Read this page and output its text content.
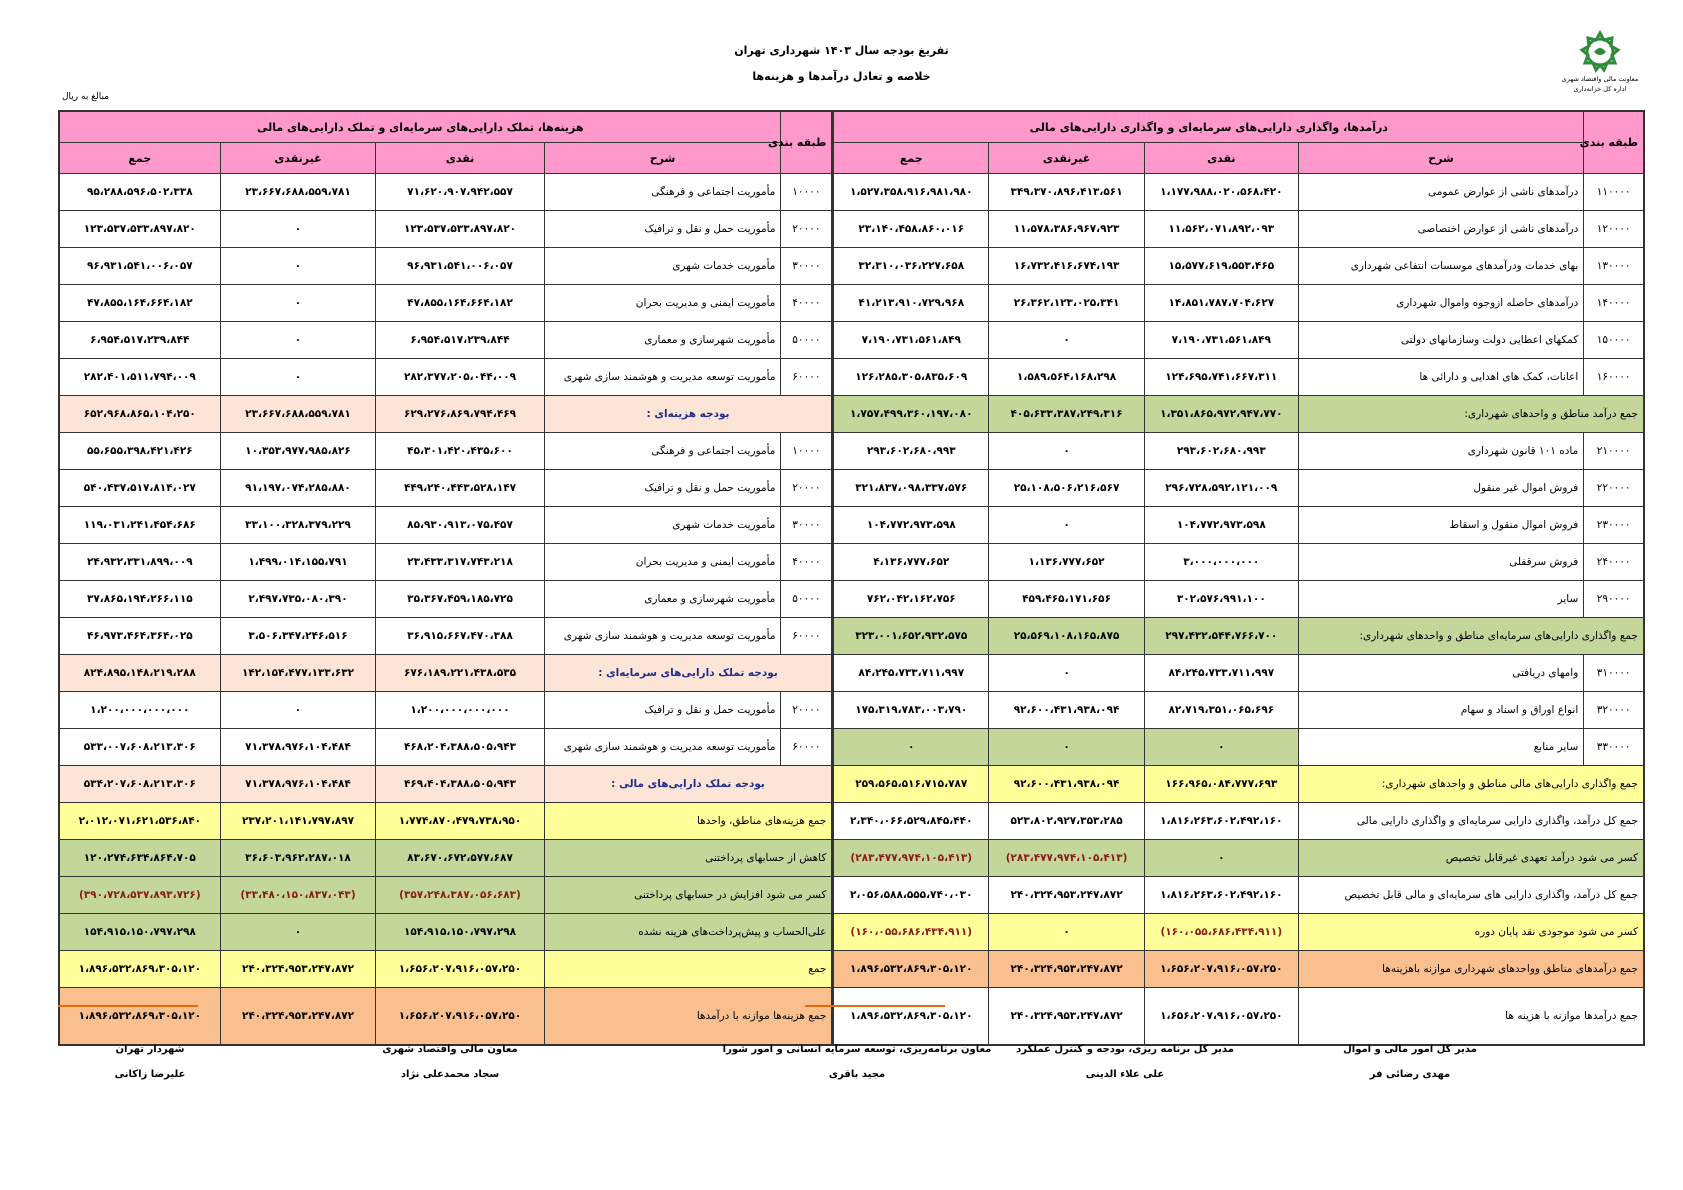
تفریغ بودجه سال ۱۴۰۳ شهرداری تهران
خلاصه و تعادل درآمدها و هزینه‌ها
مبالغ به ریال
معاونت مالی واقتصاد شهری
اداره کل خزانه‌داری
طبقه بندی	درآمدها، واگذاری دارایی‌های سرمایه‌ای و واگذاری دارایی‌های مالی				طبقه بندی	هزینه‌ها، تملک دارایی‌های سرمایه‌ای و تملک دارایی‌های مالی			
	شرح	نقدی	غیرنقدی	جمع		شرح	نقدی	غیرنقدی	جمع
۱۱۰۰۰۰	درآمدهای ناشی از عوارض عمومی	۱،۱۷۷،۹۸۸،۰۲۰،۵۶۸،۴۲۰	۳۴۹،۳۷۰،۸۹۶،۴۱۳،۵۶۱	۱،۵۲۷،۳۵۸،۹۱۶،۹۸۱،۹۸۰	۱۰۰۰۰	مأموریت اجتماعی و فرهنگی	۷۱،۶۲۰،۹۰۷،۹۴۲،۵۵۷	۲۳،۶۶۷،۶۸۸،۵۵۹،۷۸۱	۹۵،۲۸۸،۵۹۶،۵۰۲،۳۳۸
۱۲۰۰۰۰	درآمدهای ناشی از عوارض اختصاصی	۱۱،۵۶۲،۰۷۱،۸۹۲،۰۹۳	۱۱،۵۷۸،۳۸۶،۹۶۷،۹۲۳	۲۳،۱۴۰،۴۵۸،۸۶۰،۰۱۶	۲۰۰۰۰	مأموریت حمل و نقل و ترافیک	۱۲۳،۵۳۷،۵۳۳،۸۹۷،۸۲۰	۰	۱۲۳،۵۳۷،۵۳۳،۸۹۷،۸۲۰
۱۳۰۰۰۰	بهای خدمات ودرآمدهای موسسات انتفاعی شهرداری	۱۵،۵۷۷،۶۱۹،۵۵۳،۴۶۵	۱۶،۷۳۲،۴۱۶،۶۷۴،۱۹۳	۳۲،۳۱۰،۰۳۶،۲۲۷،۶۵۸	۳۰۰۰۰	مأموریت خدمات شهری	۹۶،۹۳۱،۵۴۱،۰۰۶،۰۵۷	۰	۹۶،۹۳۱،۵۴۱،۰۰۶،۰۵۷
۱۴۰۰۰۰	درآمدهای حاصله ازوجوه واموال شهرداری	۱۴،۸۵۱،۷۸۷،۷۰۴،۶۲۷	۲۶،۳۶۲،۱۲۳،۰۲۵،۳۴۱	۴۱،۲۱۳،۹۱۰،۷۲۹،۹۶۸	۴۰۰۰۰	مأموریت ایمنی و مدیریت بحران	۴۷،۸۵۵،۱۶۴،۶۶۴،۱۸۲	۰	۴۷،۸۵۵،۱۶۴،۶۶۴،۱۸۲
۱۵۰۰۰۰	کمکهای اعطایی دولت وسازمانهای دولتی	۷،۱۹۰،۷۳۱،۵۶۱،۸۴۹	۰	۷،۱۹۰،۷۳۱،۵۶۱،۸۴۹	۵۰۰۰۰	مأموریت شهرسازی و معماری	۶،۹۵۴،۵۱۷،۲۳۹،۸۴۴	۰	۶،۹۵۴،۵۱۷،۲۳۹،۸۴۴
۱۶۰۰۰۰	اعانات، کمک های اهدایی و دارائی ها	۱۲۴،۶۹۵،۷۴۱،۶۶۷،۳۱۱	۱،۵۸۹،۵۶۴،۱۶۸،۲۹۸	۱۲۶،۲۸۵،۳۰۵،۸۳۵،۶۰۹	۶۰۰۰۰	مأموریت توسعه مدیریت و هوشمند سازی شهری	۲۸۲،۳۷۷،۲۰۵،۰۴۴،۰۰۹	۰	۲۸۲،۴۰۱،۵۱۱،۷۹۴،۰۰۹
جمع درآمد مناطق و واحدهای شهرداری:		۱،۳۵۱،۸۶۵،۹۷۲،۹۴۷،۷۷۰	۴۰۵،۶۳۳،۳۸۷،۲۴۹،۳۱۶	۱،۷۵۷،۴۹۹،۳۶۰،۱۹۷،۰۸۰	بودجه هزینه‌ای :		۶۲۹،۲۷۶،۸۶۹،۷۹۴،۴۶۹	۲۳،۶۶۷،۶۸۸،۵۵۹،۷۸۱	۶۵۲،۹۶۸،۸۶۵،۱۰۴،۲۵۰
۲۱۰۰۰۰	ماده ۱۰۱ قانون شهرداری	۲۹۳،۶۰۲،۶۸۰،۹۹۳	۰	۲۹۳،۶۰۲،۶۸۰،۹۹۳	۱۰۰۰۰	مأموریت اجتماعی و فرهنگی	۴۵،۳۰۱،۴۲۰،۴۳۵،۶۰۰	۱۰،۳۵۳،۹۷۷،۹۸۵،۸۲۶	۵۵،۶۵۵،۳۹۸،۴۲۱،۴۲۶
۲۲۰۰۰۰	فروش اموال غیر منقول	۲۹۶،۷۲۸،۵۹۲،۱۲۱،۰۰۹	۲۵،۱۰۸،۵۰۶،۲۱۶،۵۶۷	۳۲۱،۸۳۷،۰۹۸،۳۳۷،۵۷۶	۲۰۰۰۰	مأموریت حمل و نقل و ترافیک	۴۴۹،۲۴۰،۴۴۳،۵۲۸،۱۴۷	۹۱،۱۹۷،۰۷۴،۲۸۵،۸۸۰	۵۴۰،۴۳۷،۵۱۷،۸۱۴،۰۲۷
۲۳۰۰۰۰	فروش اموال منقول و اسقاط	۱۰۴،۷۷۲،۹۷۳،۵۹۸	۰	۱۰۴،۷۷۲،۹۷۳،۵۹۸	۳۰۰۰۰	مأموریت خدمات شهری	۸۵،۹۳۰،۹۱۳،۰۷۵،۴۵۷	۳۳،۱۰۰،۳۲۸،۳۷۹،۲۲۹	۱۱۹،۰۳۱،۲۴۱،۴۵۴،۶۸۶
۲۴۰۰۰۰	فروش سرقفلی	۳،۰۰۰،۰۰۰،۰۰۰	۱،۱۳۶،۷۷۷،۶۵۲	۴،۱۳۶،۷۷۷،۶۵۲	۴۰۰۰۰	مأموریت ایمنی و مدیریت بحران	۲۳،۴۳۳،۳۱۷،۷۴۳،۲۱۸	۱،۴۹۹،۰۱۴،۱۵۵،۷۹۱	۲۴،۹۳۲،۳۳۱،۸۹۹،۰۰۹
۲۹۰۰۰۰	سایر	۳۰۲،۵۷۶،۹۹۱،۱۰۰	۴۵۹،۴۶۵،۱۷۱،۶۵۶	۷۶۲،۰۴۲،۱۶۲،۷۵۶	۵۰۰۰۰	مأموریت شهرسازی و معماری	۳۵،۳۶۷،۴۵۹،۱۸۵،۷۲۵	۲،۴۹۷،۷۳۵،۰۸۰،۳۹۰	۳۷،۸۶۵،۱۹۴،۲۶۶،۱۱۵
جمع واگذاری دارایی‌های سرمایه‌ای مناطق و واحدهای شهرداری:		۲۹۷،۴۳۲،۵۴۴،۷۶۶،۷۰۰	۲۵،۵۶۹،۱۰۸،۱۶۵،۸۷۵	۳۲۳،۰۰۱،۶۵۲،۹۳۲،۵۷۵	۶۰۰۰۰	مأموریت توسعه مدیریت و هوشمند سازی شهری	۳۶،۹۱۵،۶۶۷،۴۷۰،۳۸۸	۳،۵۰۶،۳۴۷،۲۴۶،۵۱۶	۴۶،۹۷۳،۴۶۴،۳۶۴،۰۲۵
۳۱۰۰۰۰	وامهای دریافتی	۸۴،۲۴۵،۷۳۳،۷۱۱،۹۹۷	۰	۸۴،۲۴۵،۷۳۳،۷۱۱،۹۹۷	بودجه تملک دارایی‌های سرمایه‌ای :		۶۷۶،۱۸۹،۲۲۱،۴۳۸،۵۳۵	۱۴۲،۱۵۴،۴۷۷،۱۳۳،۶۳۲	۸۲۴،۸۹۵،۱۴۸،۲۱۹،۲۸۸
۳۲۰۰۰۰	انواع اوراق و اسناد و سهام	۸۲،۷۱۹،۳۵۱،۰۶۵،۶۹۶	۹۲،۶۰۰،۴۳۱،۹۳۸،۰۹۴	۱۷۵،۳۱۹،۷۸۳،۰۰۳،۷۹۰	۲۰۰۰۰	مأموریت حمل و نقل و ترافیک	۱،۲۰۰،۰۰۰،۰۰۰،۰۰۰	۰	۱،۲۰۰،۰۰۰،۰۰۰،۰۰۰
۳۳۰۰۰۰	سایر منابع	۰	۰	۰	۶۰۰۰۰	مأموریت توسعه مدیریت و هوشمند سازی شهری	۴۶۸،۲۰۴،۳۸۸،۵۰۵،۹۴۳	۷۱،۳۷۸،۹۷۶،۱۰۴،۴۸۴	۵۳۳،۰۰۷،۶۰۸،۲۱۳،۳۰۶
جمع واگذاری دارایی‌های مالی مناطق و واحدهای شهرداری:		۱۶۶،۹۶۵،۰۸۴،۷۷۷،۶۹۳	۹۲،۶۰۰،۴۳۱،۹۳۸،۰۹۴	۲۵۹،۵۶۵،۵۱۶،۷۱۵،۷۸۷	بودجه تملک دارایی‌های مالی :		۴۶۹،۴۰۴،۳۸۸،۵۰۵،۹۴۳	۷۱،۳۷۸،۹۷۶،۱۰۴،۴۸۴	۵۳۴،۲۰۷،۶۰۸،۲۱۳،۳۰۶
جمع کل درآمد، واگذاری دارایی سرمایه‌ای و واگذاری دارایی مالی		۱،۸۱۶،۲۶۳،۶۰۲،۴۹۲،۱۶۰	۵۲۳،۸۰۲،۹۲۷،۳۵۳،۲۸۵	۲،۳۴۰،۰۶۶،۵۲۹،۸۴۵،۴۴۰	جمع هزینه‌های مناطق، واحدها		۱،۷۷۴،۸۷۰،۴۷۹،۷۳۸،۹۵۰	۲۳۷،۲۰۱،۱۴۱،۷۹۷،۸۹۷	۲،۰۱۲،۰۷۱،۶۲۱،۵۳۶،۸۴۰
کسر می شود درآمد تعهدی غیرقابل تخصیص		۰	(۲۸۳،۴۷۷،۹۷۴،۱۰۵،۴۱۳)	(۲۸۳،۴۷۷،۹۷۴،۱۰۵،۴۱۳)	کاهش از حسابهای پرداختنی		۸۳،۶۷۰،۶۷۲،۵۷۷،۶۸۷	۳۶،۶۰۳،۹۶۲،۲۸۷،۰۱۸	۱۲۰،۲۷۴،۶۳۴،۸۶۴،۷۰۵
جمع کل درآمد، واگذاری دارایی های سرمایه‌ای و مالی قابل تخصیص		۱،۸۱۶،۲۶۳،۶۰۲،۴۹۲،۱۶۰	۲۴۰،۳۲۴،۹۵۳،۲۴۷،۸۷۲	۲،۰۵۶،۵۸۸،۵۵۵،۷۴۰،۰۳۰	کسر می شود افزایش در حسابهای پرداختنی		(۳۵۷،۲۴۸،۳۸۷،۰۵۶،۶۸۳)	(۳۳،۴۸۰،۱۵۰،۸۳۷،۰۴۳)	(۳۹۰،۷۲۸،۵۳۷،۸۹۳،۷۲۶)
کسر می شود موجودی نقد پایان دوره		(۱۶۰،۰۵۵،۶۸۶،۴۳۴،۹۱۱)	۰	(۱۶۰،۰۵۵،۶۸۶،۴۳۴،۹۱۱)	علی‌الحساب و پیش‌پرداخت‌های هزینه نشده		۱۵۴،۹۱۵،۱۵۰،۷۹۷،۲۹۸	۰	۱۵۴،۹۱۵،۱۵۰،۷۹۷،۲۹۸
جمع درآمدهای مناطق وواحدهای شهرداری موازنه باهزینه‌ها		۱،۶۵۶،۲۰۷،۹۱۶،۰۵۷،۲۵۰	۲۴۰،۳۲۴،۹۵۳،۲۴۷،۸۷۲	۱،۸۹۶،۵۳۲،۸۶۹،۳۰۵،۱۲۰	جمع		۱،۶۵۶،۲۰۷،۹۱۶،۰۵۷،۲۵۰	۲۴۰،۳۲۴،۹۵۳،۲۴۷،۸۷۲	۱،۸۹۶،۵۳۲،۸۶۹،۳۰۵،۱۲۰
جمع درآمدها موازنه با هزینه ها		۱،۶۵۶،۲۰۷،۹۱۶،۰۵۷،۲۵۰	۲۴۰،۳۲۴،۹۵۳،۲۴۷،۸۷۲	۱،۸۹۶،۵۳۲،۸۶۹،۳۰۵،۱۲۰	جمع هزینه‌ها موازنه با درآمدها		۱،۶۵۶،۲۰۷،۹۱۶،۰۵۷،۲۵۰	۲۴۰،۳۲۴،۹۵۳،۲۴۷،۸۷۲	۱،۸۹۶،۵۳۲،۸۶۹،۳۰۵،۱۲۰
مدیر کل امور مالی و اموال
مهدی رضائی فر
مدیر کل برنامه ریزی، بودجه و کنترل عملکرد
علی علاء الدینی
معاون برنامه‌ریزی، توسعه سرمایه انسانی و امور شورا
مجید باقری
معاون مالی واقتصاد شهری
سجاد محمدعلی نژاد
شهردار تهران
علیرضا زاکانی
